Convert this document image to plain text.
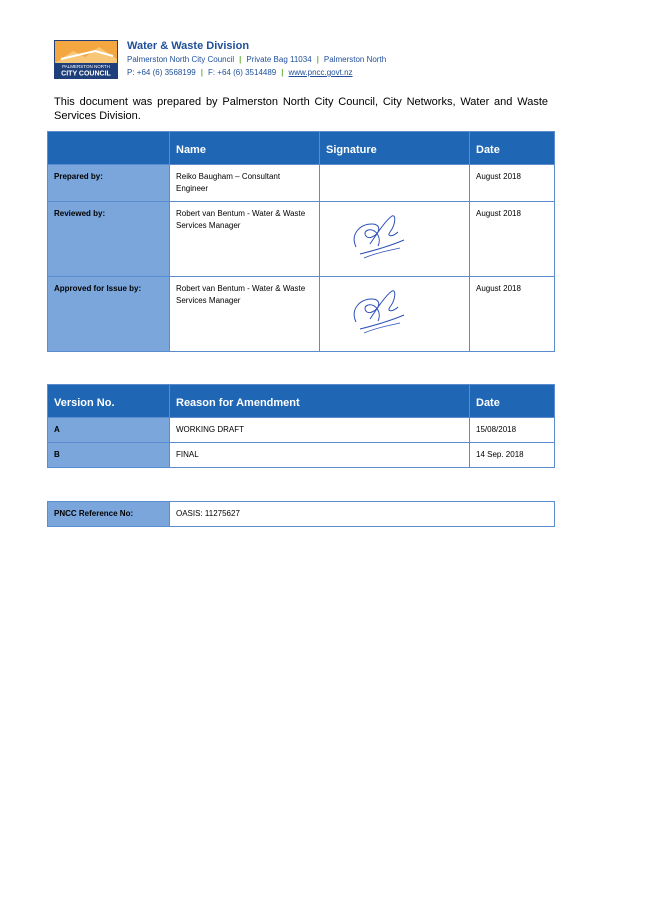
PALMERSTON NORTH
CITY COUNCIL
Water & Waste Division
Palmerston North City Council | Private Bag 11034 | Palmerston North
P: +64 (6) 3568199 | F: +64 (6) 3514489 | www.pncc.govt.nz
This document was prepared by Palmerston North City Council, City Networks, Water and Waste Services Division.

	Name	Signature	Date

Prepared by:	Reiko Baugham – Consultant Engineer		August 2018

Reviewed by:	Robert van Bentum - Water & Waste Services Manager		August 2018

Approved for Issue by:	Robert van Bentum - Water & Waste Services Manager		August 2018
Version No.	Reason for Amendment	Date

A	WORKING DRAFT	15/08/2018

B	FINAL	14 Sep. 2018
PNCC Reference No:	OASIS: 11275627
